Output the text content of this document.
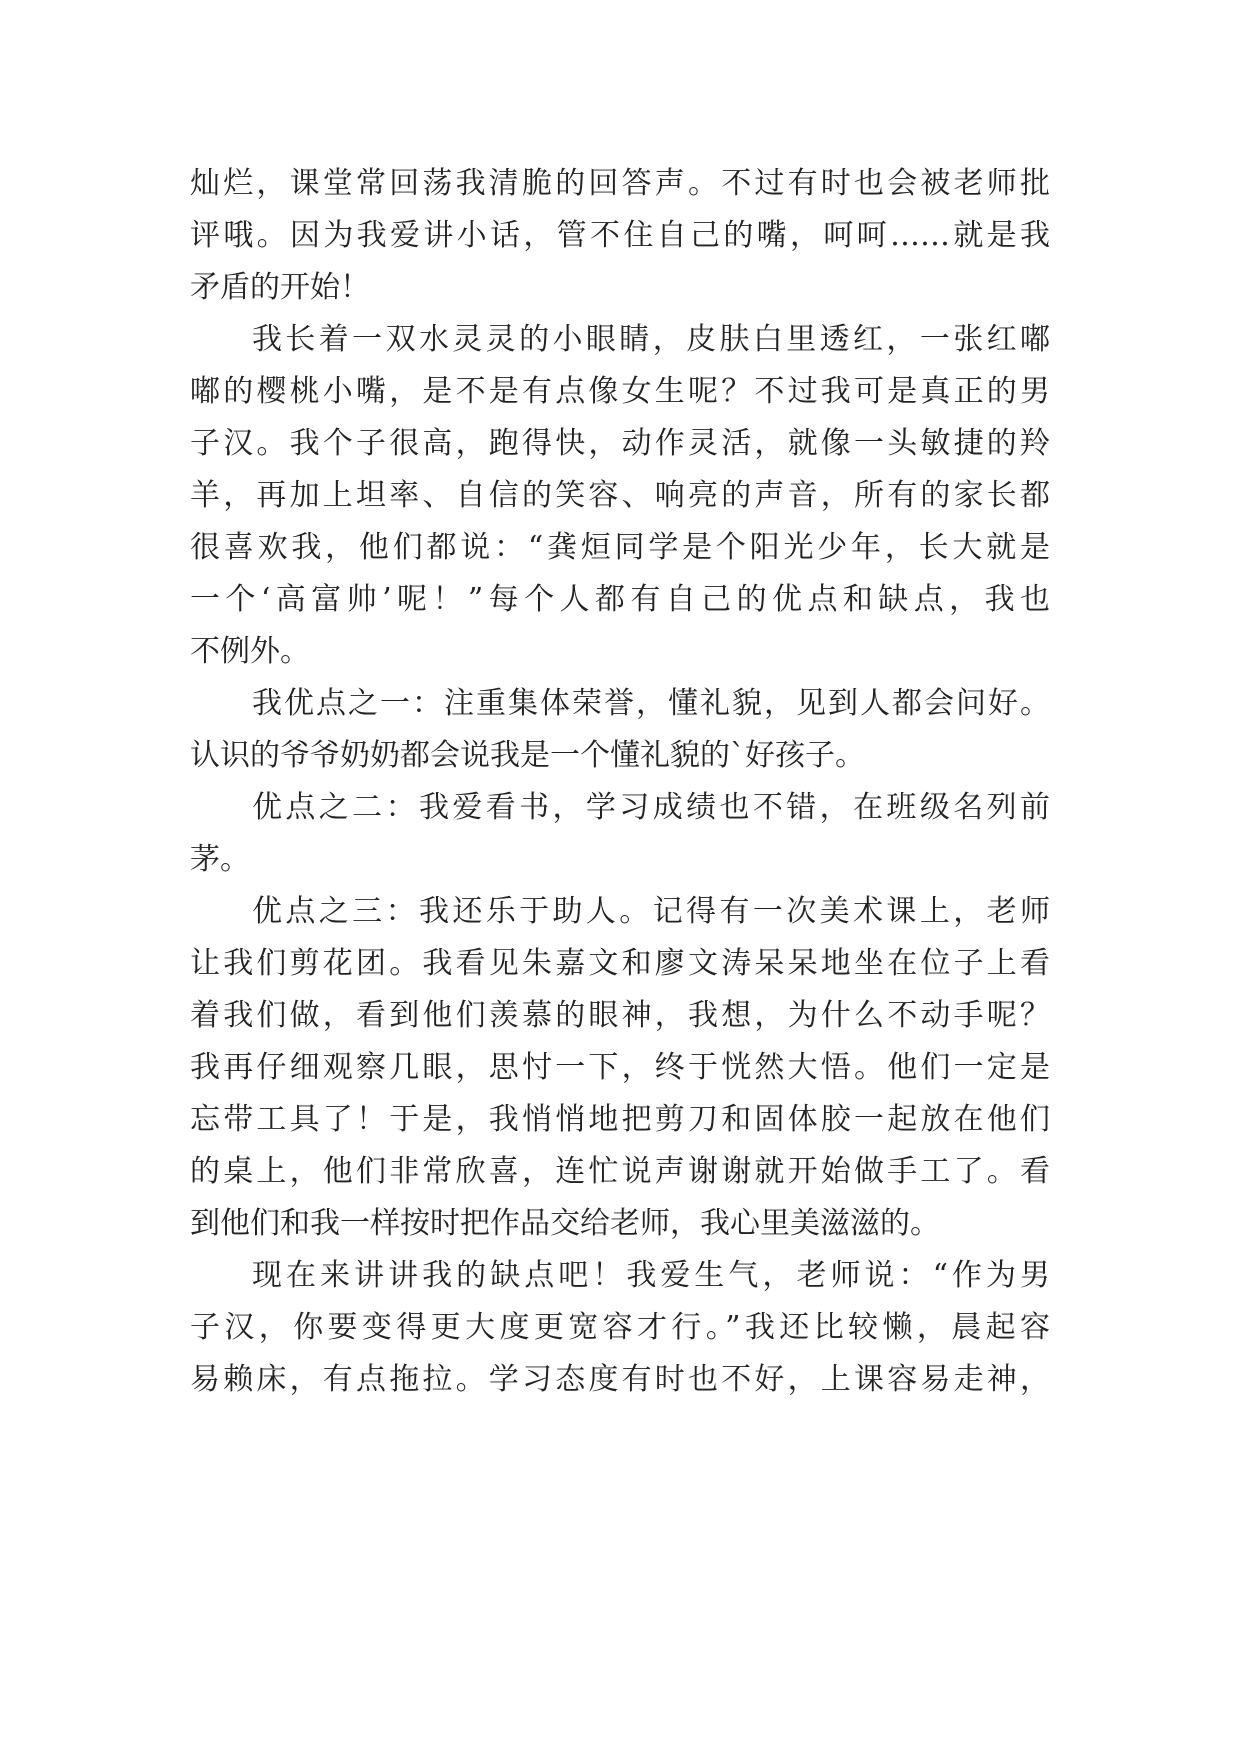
灿烂，课堂常回荡我清脆的回答声。不过有时也会被老师批
评哦。因为我爱讲小话，管不住自己的嘴，呵呵……就是我
矛盾的开始！
我长着一双水灵灵的小眼睛，皮肤白里透红，一张红嘟
嘟的樱桃小嘴，是不是有点像女生呢？不过我可是真正的男
子汉。我个子很高，跑得快，动作灵活，就像一头敏捷的羚
羊，再加上坦率、自信的笑容、响亮的声音，所有的家长都
很喜欢我，他们都说：“龚烜同学是个阳光少年，长大就是
一个‘高富帅’呢！”每个人都有自己的优点和缺点，我也
不例外。
我优点之一：注重集体荣誉，懂礼貌，见到人都会问好。
认识的爷爷奶奶都会说我是一个懂礼貌的`好孩子。
优点之二：我爱看书，学习成绩也不错，在班级名列前
茅。
优点之三：我还乐于助人。记得有一次美术课上，老师
让我们剪花团。我看见朱嘉文和廖文涛呆呆地坐在位子上看
着我们做，看到他们羡慕的眼神，我想，为什么不动手呢？
我再仔细观察几眼，思忖一下，终于恍然大悟。他们一定是
忘带工具了！于是，我悄悄地把剪刀和固体胶一起放在他们
的桌上，他们非常欣喜，连忙说声谢谢就开始做手工了。看
到他们和我一样按时把作品交给老师，我心里美滋滋的。
现在来讲讲我的缺点吧！我爱生气，老师说：“作为男
子汉，你要变得更大度更宽容才行。”我还比较懒，晨起容
易赖床，有点拖拉。学习态度有时也不好，上课容易走神，
